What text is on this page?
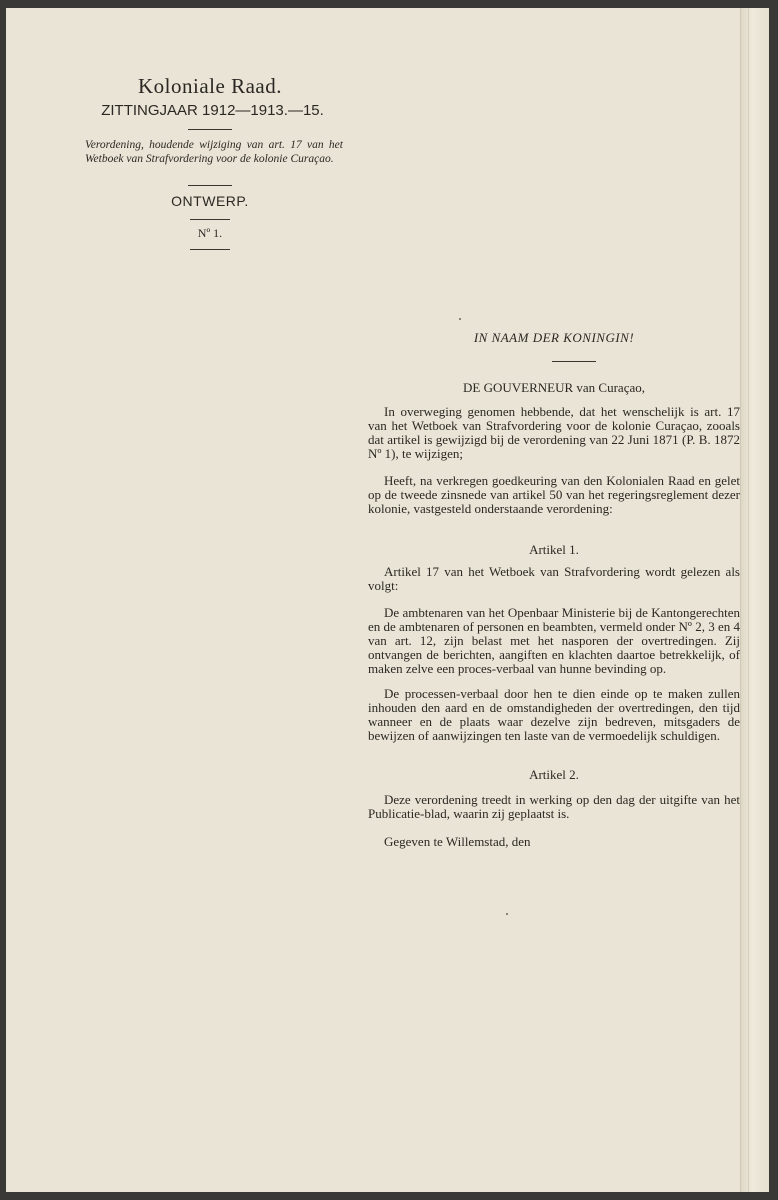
Koloniale Raad.
ZITTINGJAAR 1912—1913.—15.
Verordening, houdende wijziging van art. 17 van het Wetboek van Strafvordering voor de kolonie Curaçao.
ONTWERP.
Nº 1.
IN NAAM DER KONINGIN!
DE GOUVERNEUR van Curaçao,
In overweging genomen hebbende, dat het wenschelijk is art. 17 van het Wetboek van Strafvordering voor de kolonie Curaçao, zooals dat artikel is gewijzigd bij de verordening van 22 Juni 1871 (P. B. 1872 Nº 1), te wijzigen;
Heeft, na verkregen goedkeuring van den Kolonialen Raad en gelet op de tweede zinsnede van artikel 50 van het regeringsreglement dezer kolonie, vastgesteld onderstaande verordening:
Artikel 1.
Artikel 17 van het Wetboek van Strafvordering wordt gelezen als volgt:
De ambtenaren van het Openbaar Ministerie bij de Kantongerechten en de ambtenaren of personen en beambten, vermeld onder Nº 2, 3 en 4 van art. 12, zijn belast met het nasporen der overtredingen. Zij ontvangen de berichten, aangiften en klachten daartoe betrekkelijk, of maken zelve een proces-verbaal van hunne bevinding op.
De processen-verbaal door hen te dien einde op te maken zullen inhouden den aard en de omstandigheden der overtredingen, den tijd wanneer en de plaats waar dezelve zijn bedreven, mitsgaders de bewijzen of aanwijzingen ten laste van de vermoedelijk schuldigen.
Artikel 2.
Deze verordening treedt in werking op den dag der uitgifte van het Publicatie-blad, waarin zij geplaatst is.
Gegeven te Willemstad, den
